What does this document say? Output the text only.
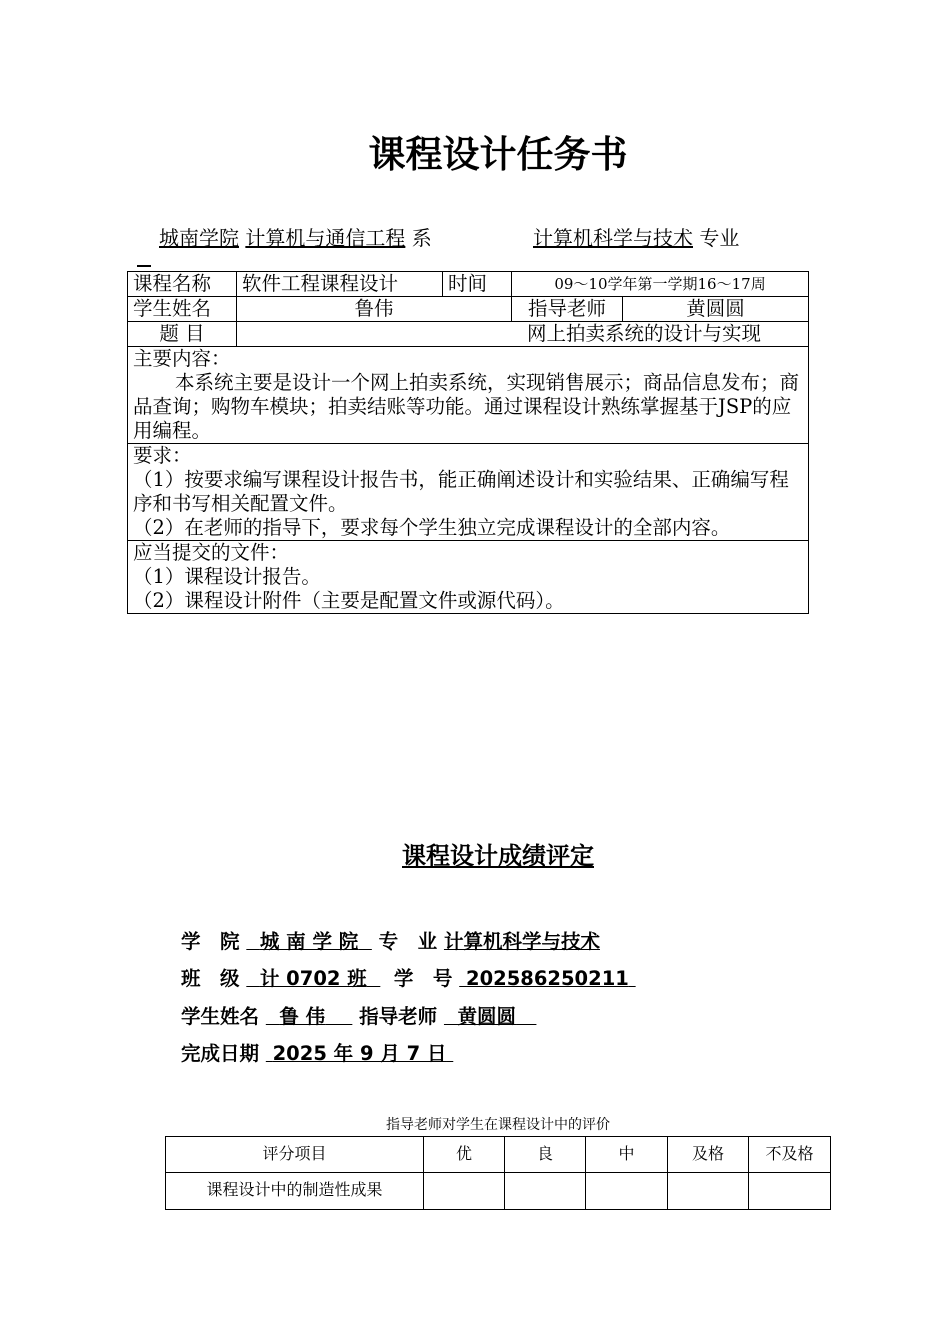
课程设计任务书
城南学院 计算机与通信工程 系	计算机科学与技术 专业
课程名称	软件工程课程设计	时间	09～10学年第一学期16～17周
学生姓名	鲁伟		指导老师 黄圆圆

题 目	网上拍卖系统的设计与实现		

主要内容：
本系统主要是设计一个网上拍卖系统，实现销售展示；商品信息发布；商品查询；购物车模块；拍卖结账等功能。通过课程设计熟练掌握基于JSP的应用编程。			

要求：
（1）按要求编写课程设计报告书，能正确阐述设计和实验结果、正确编写程序和书写相关配置文件。
（2）在老师的指导下，要求每个学生独立完成课程设计的全部内容。			

应当提交的文件：
（1）课程设计报告。
（2）课程设计附件（主要是配置文件或源代码）。			
课程设计成绩评定
学　院 城 南 学 院 专　业 计算机科学与技术
班　级 计 0702 班 学　号 202586250211
学生姓名 鲁 伟 指导老师 黄圆圆
完成日期 2025 年 9 月 7 日
指导老师对学生在课程设计中的评价
评分项目	优	良	中	及格	不及格
课程设计中的制造性成果					
